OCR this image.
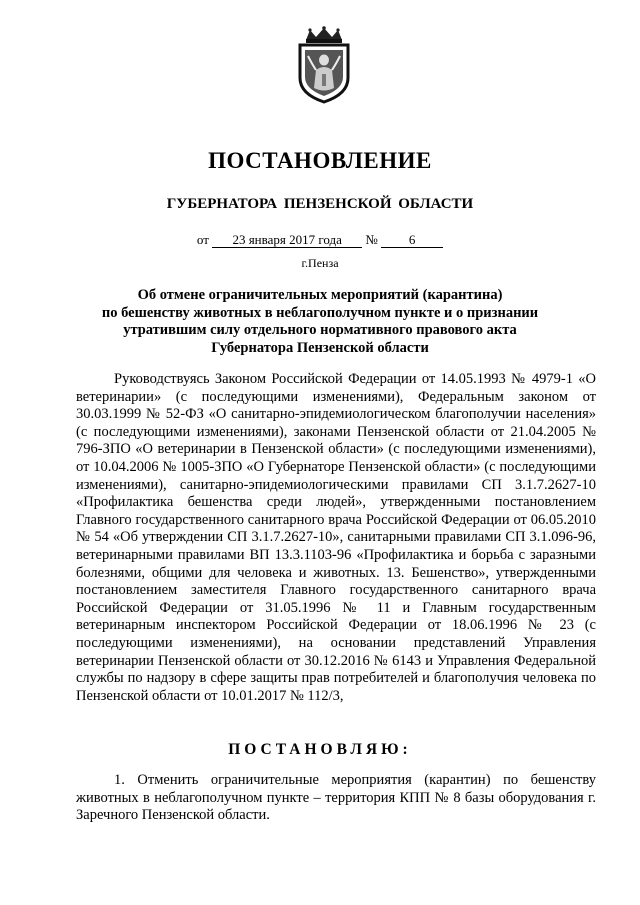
ПОСТАНОВЛЕНИЕ
ГУБЕРНАТОРА ПЕНЗЕНСКОЙ ОБЛАСТИ
от 23 января 2017 года № 6
г.Пенза
Об отмене ограничительных мероприятий (карантина)
по бешенству животных в неблагополучном пункте и о признании
утратившим силу отдельного нормативного правового акта
Губернатора Пензенской области
Руководствуясь Законом Российской Федерации от 14.05.1993 № 4979-1 «О ветеринарии» (с последующими изменениями), Федеральным законом от 30.03.1999 № 52-ФЗ «О санитарно-эпидемиологическом благополучии населения» (с последующими изменениями), законами Пензенской области от 21.04.2005 № 796-ЗПО «О ветеринарии в Пензенской области» (с последующими изменениями), от 10.04.2006 № 1005-ЗПО «О Губернаторе Пензенской области» (с последующими изменениями), санитарно-эпидемиологическими правилами СП 3.1.7.2627-10 «Профилактика бешенства среди людей», утвержденными постановлением Главного государственного санитарного врача Российской Федерации от 06.05.2010 № 54 «Об утверждении СП 3.1.7.2627-10», санитарными правилами СП 3.1.096-96, ветеринарными правилами ВП 13.3.1103-96 «Профилактика и борьба с заразными болезнями, общими для человека и животных. 13. Бешенство», утвержденными постановлением заместителя Главного государственного санитарного врача Российской Федерации от 31.05.1996 № 11 и Главным государственным ветеринарным инспектором Российской Федерации от 18.06.1996 № 23 (с последующими изменениями), на основании представлений Управления ветеринарии Пензенской области от 30.12.2016 № 6143 и Управления Федеральной службы по надзору в сфере защиты прав потребителей и благополучия человека по Пензенской области от 10.01.2017 № 112/3,
ПОСТАНОВЛЯЮ:
1. Отменить ограничительные мероприятия (карантин) по бешенству животных в неблагополучном пункте – территория КПП № 8 базы оборудования г. Заречного Пензенской области.
